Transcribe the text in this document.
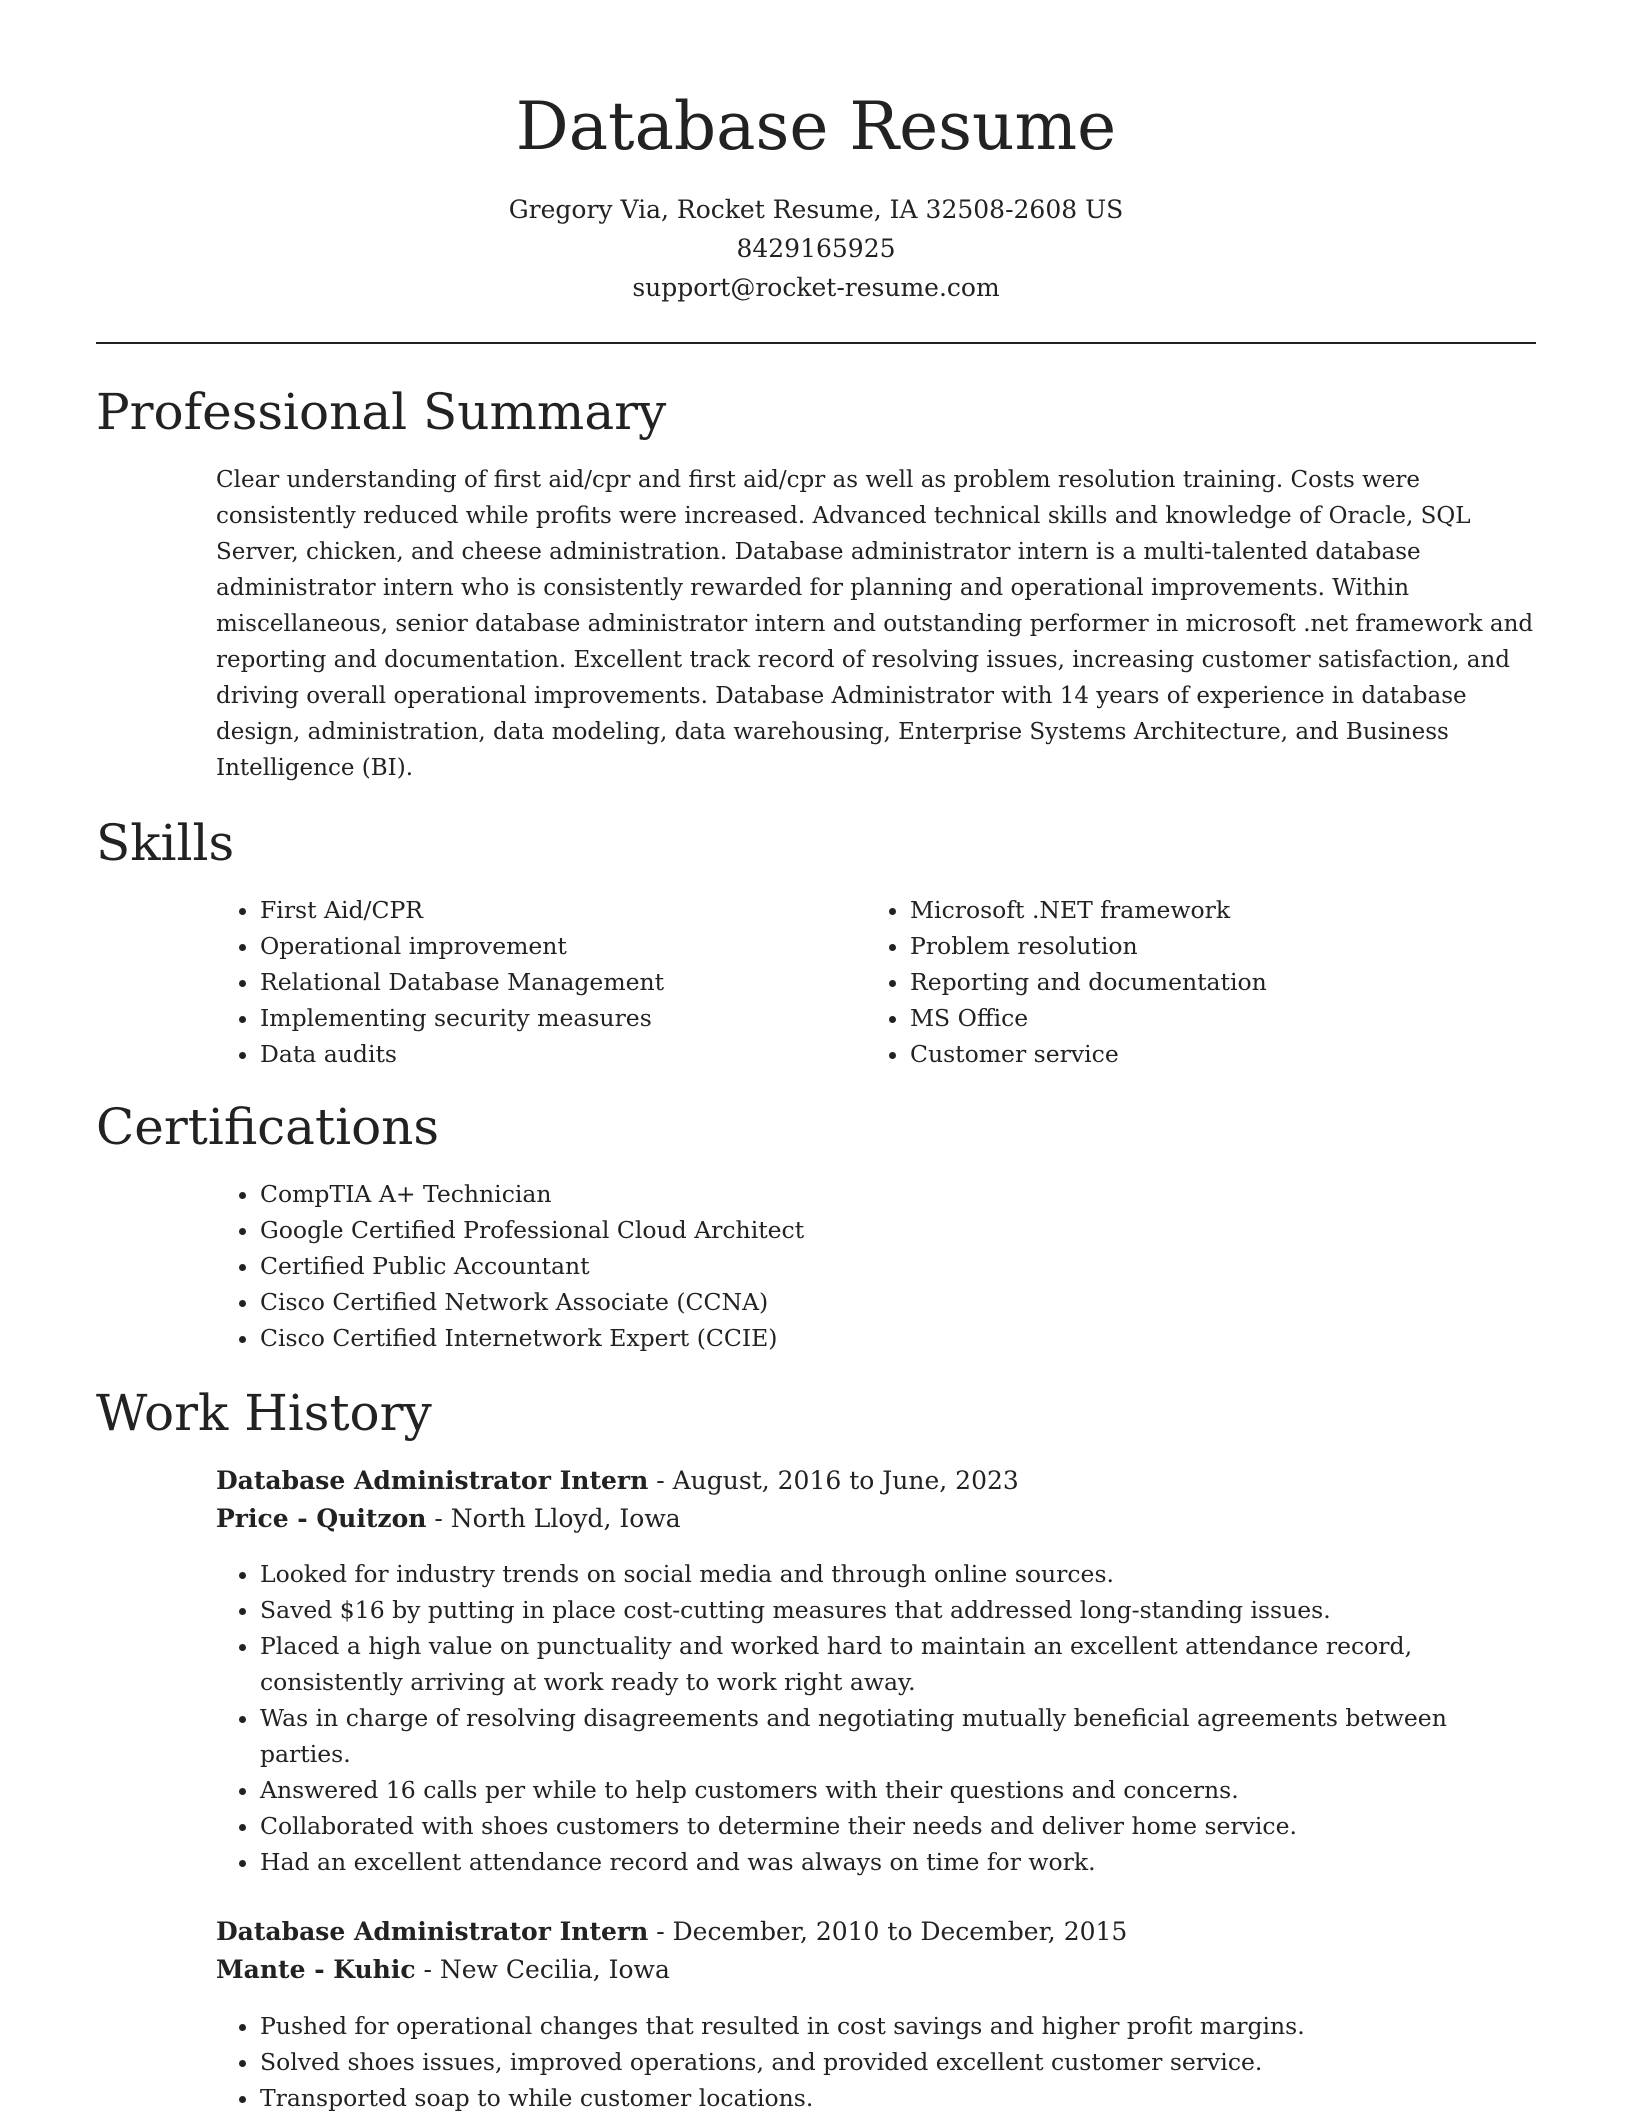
Database Resume
Gregory Via, Rocket Resume, IA 32508-2608 US
8429165925
support@rocket-resume.com
Professional Summary

Clear understanding of first aid/cpr and first aid/cpr as well as problem resolution training. Costs were consistently reduced while profits were increased. Advanced technical skills and knowledge of Oracle, SQL Server, chicken, and cheese administration. Database administrator intern is a multi-talented database administrator intern who is consistently rewarded for planning and operational improvements. Within miscellaneous, senior database administrator intern and outstanding performer in microsoft .net framework and reporting and documentation. Excellent track record of resolving issues, increasing customer satisfaction, and driving overall operational improvements. Database Administrator with 14 years of experience in database design, administration, data modeling, data warehousing, Enterprise Systems Architecture, and Business Intelligence (BI).

Skills
• First Aid/CPR
• Operational improvement
• Relational Database Management
• Implementing security measures
• Data audits
• Microsoft .NET framework
• Problem resolution
• Reporting and documentation
• MS Office
• Customer service
Certifications
• CompTIA A+ Technician
• Google Certified Professional Cloud Architect
• Certified Public Accountant
• Cisco Certified Network Associate (CCNA)
• Cisco Certified Internetwork Expert (CCIE)
Work History
Database Administrator Intern - August, 2016 to June, 2023
Price - Quitzon - North Lloyd, Iowa
• Looked for industry trends on social media and through online sources.
• Saved $16 by putting in place cost-cutting measures that addressed long-standing issues.
• Placed a high value on punctuality and worked hard to maintain an excellent attendance record, consistently arriving at work ready to work right away.
• Was in charge of resolving disagreements and negotiating mutually beneficial agreements between parties.
• Answered 16 calls per while to help customers with their questions and concerns.
• Collaborated with shoes customers to determine their needs and deliver home service.
• Had an excellent attendance record and was always on time for work.
Database Administrator Intern - December, 2010 to December, 2015
Mante - Kuhic - New Cecilia, Iowa
• Pushed for operational changes that resulted in cost savings and higher profit margins.
• Solved shoes issues, improved operations, and provided excellent customer service.
• Transported soap to while customer locations.
